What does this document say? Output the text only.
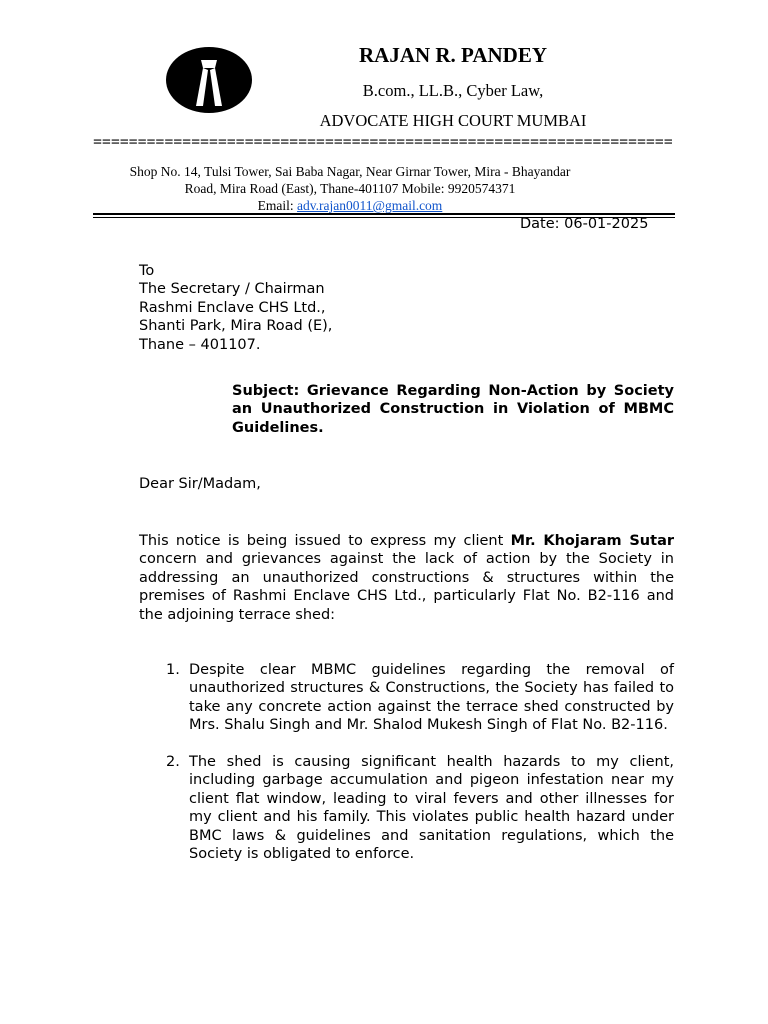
RAJAN R. PANDEY
B.com., LL.B., Cyber Law,
ADVOCATE HIGH COURT MUMBAI
=================================================================
Shop No. 14, Tulsi Tower, Sai Baba Nagar, Near Girnar Tower, Mira - Bhayandar
Road, Mira Road (East), Thane-401107 Mobile: 9920574371
Email: adv.rajan0011@gmail.com
Date: 06-01-2025
To
The Secretary / Chairman
Rashmi Enclave CHS Ltd.,
Shanti Park, Mira Road (E),
Thane – 401107.
Subject: Grievance Regarding Non-Action by Society an Unauthorized Construction in Violation of MBMC Guidelines.
Dear Sir/Madam,
This notice is being issued to express my client Mr. Khojaram Sutar concern and grievances against the lack of action by the Society in addressing an unauthorized constructions & structures within the premises of Rashmi Enclave CHS Ltd., particularly Flat No. B2-116 and the adjoining terrace shed:
1. Despite clear MBMC guidelines regarding the removal of unauthorized structures & Constructions, the Society has failed to take any concrete action against the terrace shed constructed by Mrs. Shalu Singh and Mr. Shalod Mukesh Singh of Flat No. B2-116.
2. The shed is causing significant health hazards to my client, including garbage accumulation and pigeon infestation near my client flat window, leading to viral fevers and other illnesses for my client and his family. This violates public health hazard under BMC laws & guidelines and sanitation regulations, which the Society is obligated to enforce.
